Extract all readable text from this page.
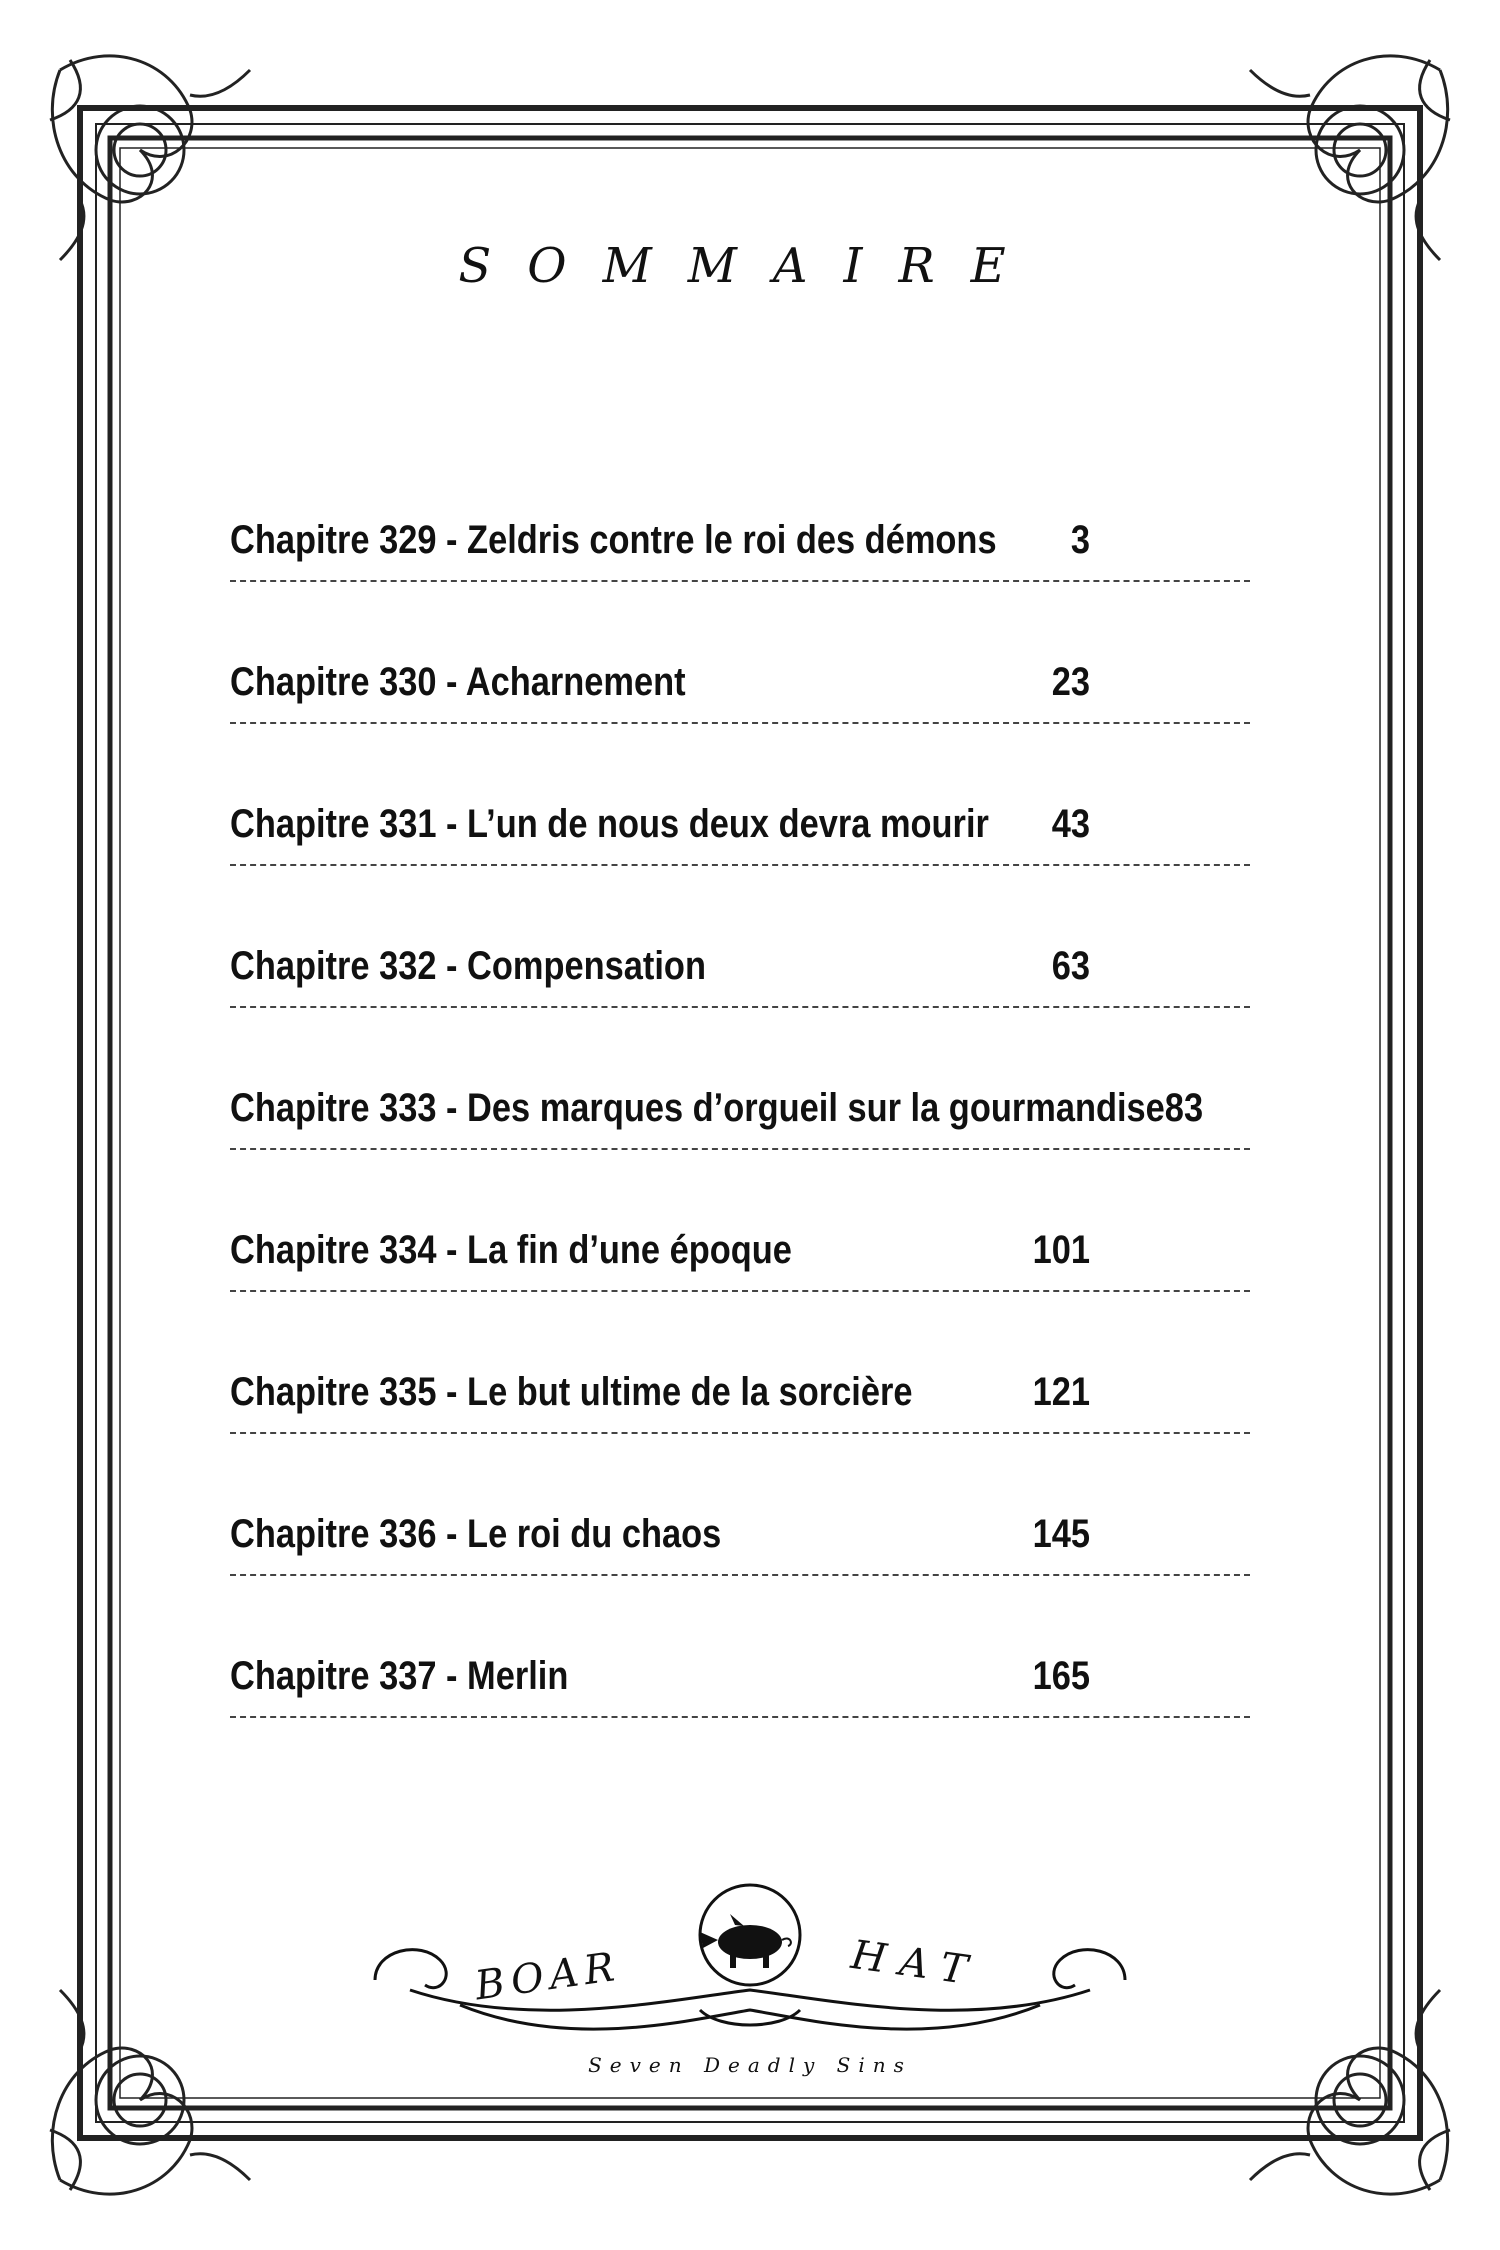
SOMMAIRE
Chapitre 329 - Zeldris contre le roi des démons 3
Chapitre 330 - Acharnement	23
Chapitre 331 - L’un de nous deux devra mourir 43
Chapitre 332 - Compensation	63
Chapitre 333 - Des marques d’orgueil sur la gourmandise 83
Chapitre 334 - La fin d’une époque	101
Chapitre 335 - Le but ultime de la sorcière	121
Chapitre 336 - Le roi du chaos	145
Chapitre 337 - Merlin	165
BOAR	HAT
Seven Deadly Sins
